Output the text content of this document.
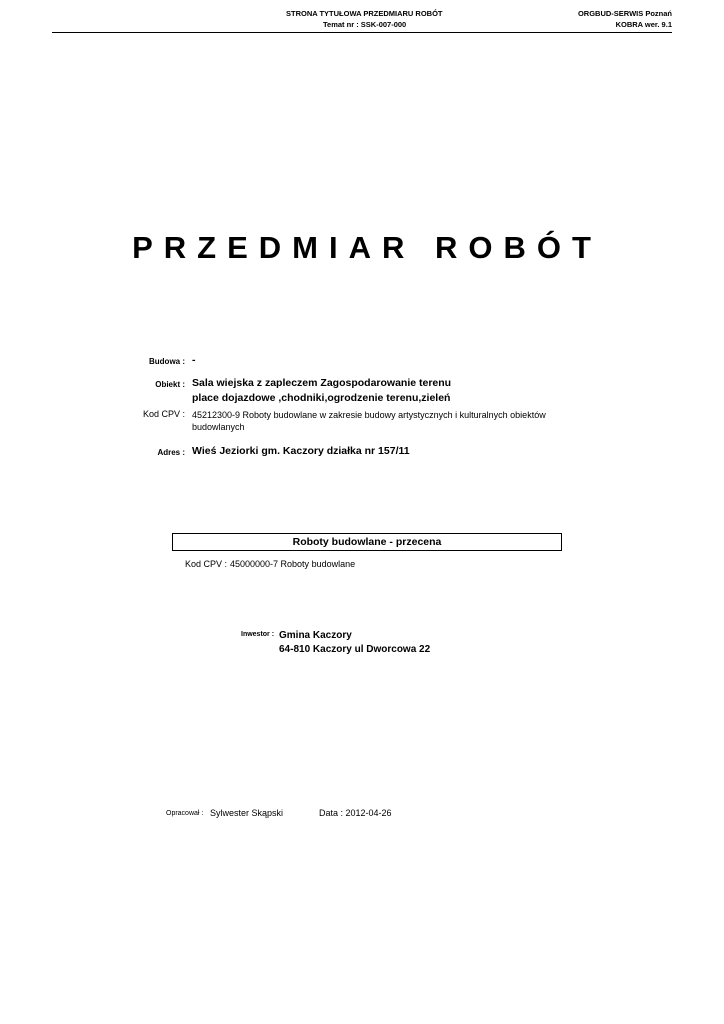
STRONA TYTUŁOWA PRZEDMIARU ROBÓT
Temat nr : SSK-007-000
ORGBUD-SERWIS Poznań
KOBRA wer. 9.1
PRZEDMIAR ROBÓT
Budowa : -
Obiekt : Sala wiejska z zapleczem Zagospodarowanie terenu
place dojazdowe ,chodniki,ogrodzenie terenu,zieleń
Kod CPV : 45212300-9 Roboty budowlane w zakresie budowy artystycznych i kulturalnych obiektów
budowlanych
Adres : Wieś Jeziorki gm. Kaczory działka nr 157/11
Roboty budowlane - przecena
Kod CPV : 45000000-7 Roboty budowlane
Inwestor : Gmina Kaczory
64-810 Kaczory ul Dworcowa 22
Opracował : Sylwester Skąpski	Data : 2012-04-26
